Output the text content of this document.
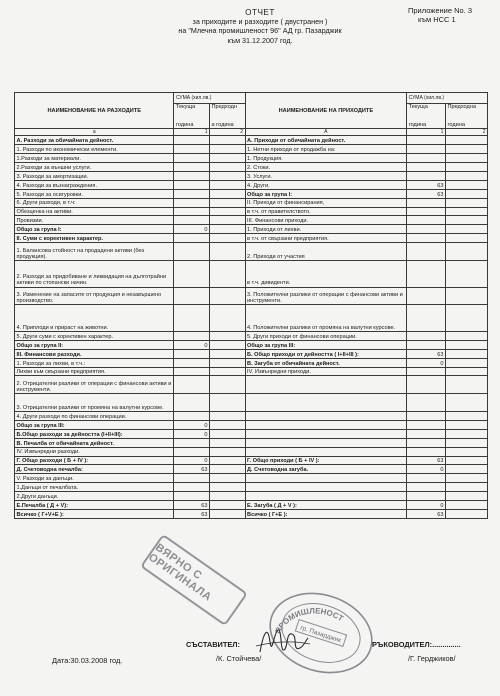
Приложение No. 3
към НСС 1
ОТЧЕТ
за приходите и разходите ( двустранен )
на "Млечна промишленост 96" АД гр. Пазарджик
към 31.12.2007 год.
НАИМЕНОВАНИЕ НА РАЗХОДИТЕ	СУМА (хил.лв.)		НАИМЕНОВАНИЕ НА ПРИХОДИТЕ	СУМА (хил.лв.)	
	Текуща

година	Предходн

а година		Текуща

година	Предходна

година
а	1	2	А	1	2
А. Разходи за обичайната дейност.			А. Приходи от обичайната дейност.		
1. Разходи по икономически елементи.			1. Нетни приходи от продажба на:		
1.Разходи за материали.			1. Продукция.		
2.Разходи за външни услуги.			2. Стоки.		
3. Разходи за амортизации.			3. Услуги.		
4. Разходи за възнаграждения.			4. Други.	63	
5. Разходи за осигуровки.			Общо за група I:	63	
6. Други разходи, в т.ч:			II. Приходи от финансирания,		
Обезценка на активи.			в т.ч. от правителството.		
Провизии.			III. Финансови приходи.		
Общо за група I:	0		1. Приходи от лихви.		
II. Суми с корективен характер.			в т.ч. от свързани предприятия.		
1. Балансова стойност на продадени активи (без продукция).			2. Приходи от участия		
2. Разходи за придобиване и ликвидация на дълготрайни активи по стопански начин.			в т.ч. дивиденти.		
3. Изменение на запасите от продукция и незавършено производство.			3. Положителни разлики от операции с финансови активи и инструменти.		
4. Приплоди и прираст на животни.			4. Положителни разлики от промяна на валутни курсове.		
5. Други суми с корективен характер.			5. Други приходи от финансови операции.		
Общо за група II:	0		Общо за група III:		
III. Финансови разходи.			Б. Общо приходи от дейността ( I+II+III ):	63	
1. Разходи за лихви, в т.ч.:			В. Загуба от обичайната дейност.	0	
Лихви към свързани предприятия.			IV. Извънредни приходи.		
2. Отрицателни разлики от операции с финансови активи и инструменти.					
3. Отрицателни разлики от промяна на валутни курсове.					
4. Други разходи по финансови операции.					
Общо за група III:	0				
Б.Общо разходи за дейността (I+II+III):	0				
В. Печалба от обичайната дейност.					
IV. Извънредни разходи.					
Г. Общо разходи ( Б + IV ):	0		Г. Общо приходи ( Б + IV ):	63	
Д. Счетоводна печалба:	63		Д. Счетоводна загуба.	0	
V. Разходи за данъци.					
1.Данъци от печалбата.					
2.Други данъци.					
Е.Печалба ( Д + V):	63		Е. Загуба ( Д + V ):	0	
Всичко ( Г+V+Е ):	63		Всичко ( Г+Е ):	63	
ВЯРНО С ОРИГИНАЛА
ПРОМИШЛЕНОСТ
гр. Пазарджик
Дата:30.03.2008 год.
СЪСТАВИТЕЛ:
/К. Стойчева/
РЪКОВОДИТЕЛ:..............
/Г. Герджиков/
